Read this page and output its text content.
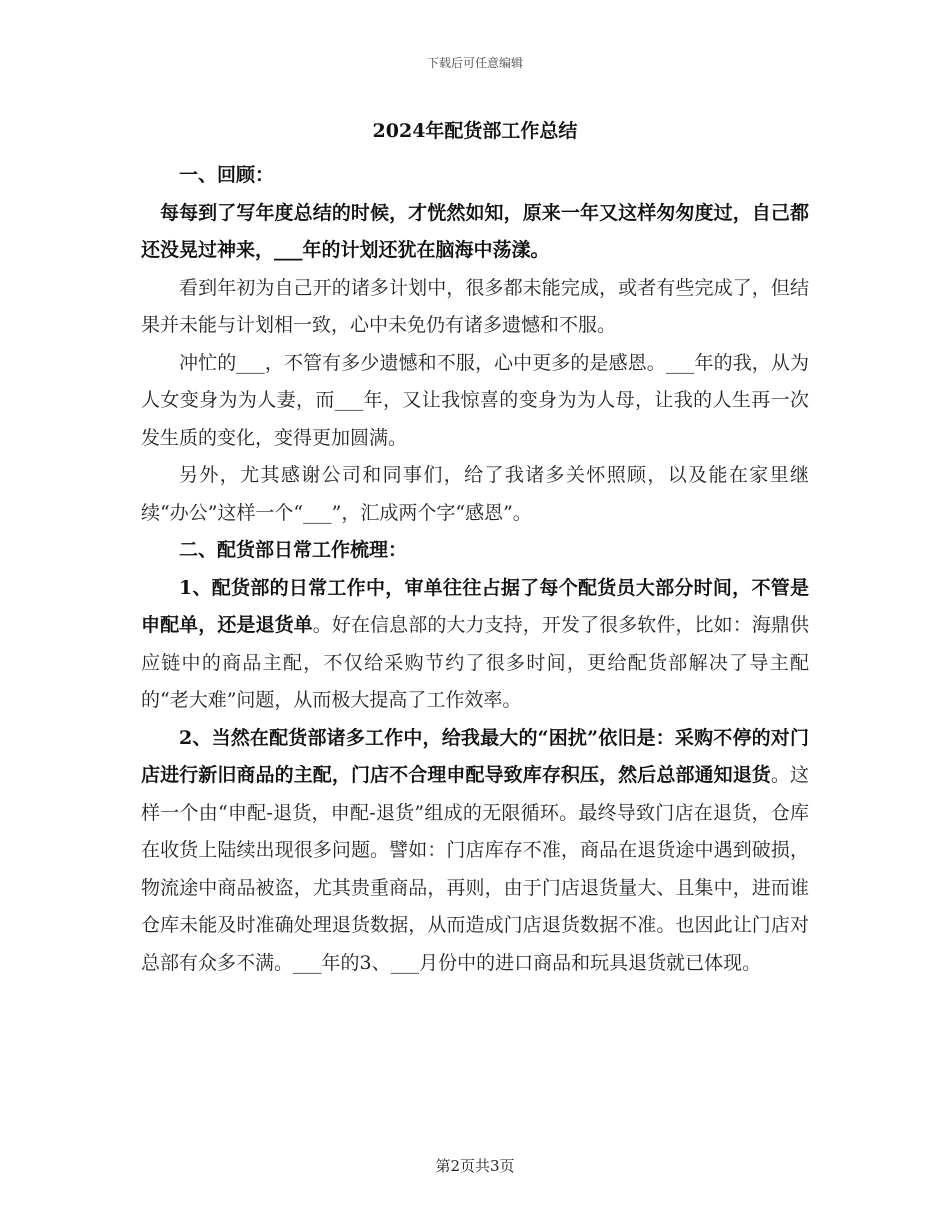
下载后可任意编辑
2024年配货部工作总结

一、回顾：

每每到了写年度总结的时候，才恍然如知，原来一年又这样匆匆度过，自己都还没晃过神来，___年的计划还犹在脑海中荡漾。

看到年初为自己开的诸多计划中，很多都未能完成，或者有些完成了，但结果并未能与计划相一致，心中未免仍有诸多遗憾和不服。

冲忙的___，不管有多少遗憾和不服，心中更多的是感恩。___年的我，从为人女变身为为人妻，而___年，又让我惊喜的变身为为人母，让我的人生再一次发生质的变化，变得更加圆满。

另外，尤其感谢公司和同事们，给了我诸多关怀照顾，以及能在家里继续“办公”这样一个“___”，汇成两个字“感恩”。

二、配货部日常工作梳理：

1、配货部的日常工作中，审单往往占据了每个配货员大部分时间，不管是申配单，还是退货单。好在信息部的大力支持，开发了很多软件，比如：海鼎供应链中的商品主配，不仅给采购节约了很多时间，更给配货部解决了导主配的“老大难”问题，从而极大提高了工作效率。

2、当然在配货部诸多工作中，给我最大的“困扰”依旧是：采购不停的对门店进行新旧商品的主配，门店不合理申配导致库存积压，然后总部通知退货。这样一个由“申配-退货，申配-退货”组成的无限循环。最终导致门店在退货，仓库在收货上陆续出现很多问题。譬如：门店库存不准，商品在退货途中遇到破损，物流途中商品被盗，尤其贵重商品，再则，由于门店退货量大、且集中，进而谁仓库未能及时准确处理退货数据，从而造成门店退货数据不准。也因此让门店对总部有众多不满。___年的3、___月份中的进口商品和玩具退货就已体现。

第2页共3页
